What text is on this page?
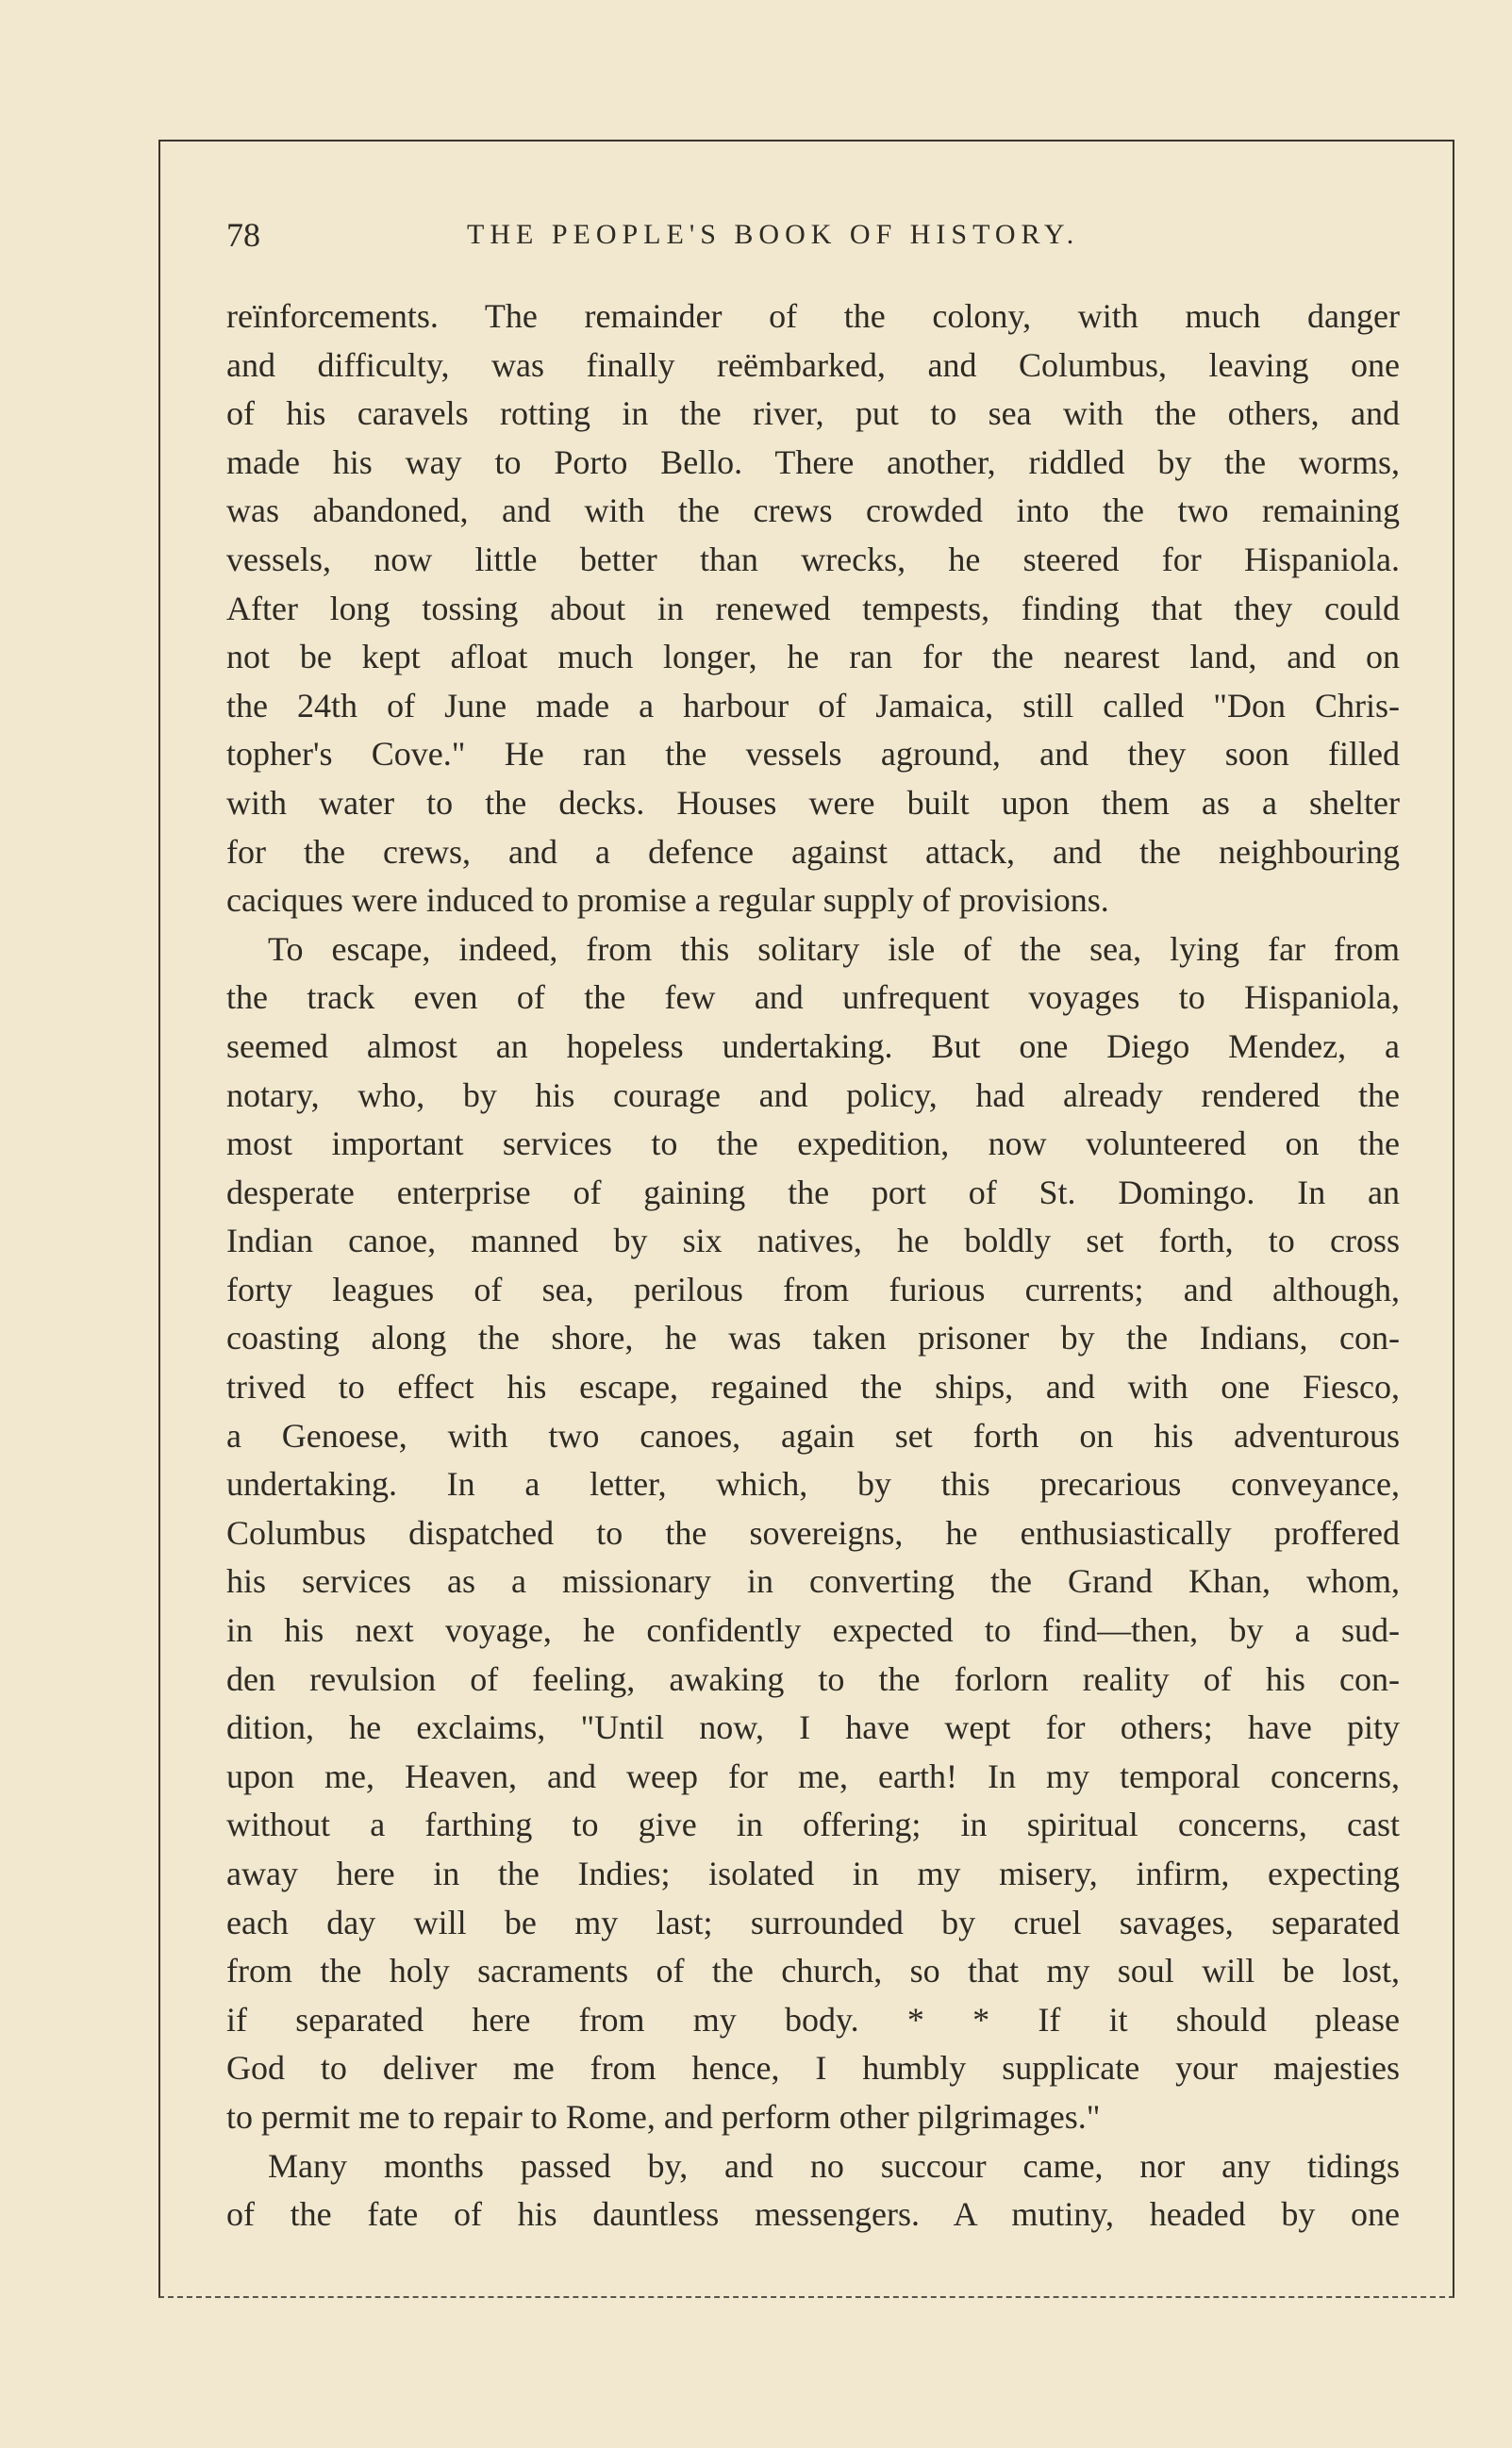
78	THE PEOPLE'S BOOK OF HISTORY.
reïnforcements. The remainder of the colony, with much danger
and difficulty, was finally reëmbarked, and Columbus, leaving one
of his caravels rotting in the river, put to sea with the others, and
made his way to Porto Bello. There another, riddled by the worms,
was abandoned, and with the crews crowded into the two remaining
vessels, now little better than wrecks, he steered for Hispaniola.
After long tossing about in renewed tempests, finding that they could
not be kept afloat much longer, he ran for the nearest land, and on
the 24th of June made a harbour of Jamaica, still called "Don Chris-
topher's Cove." He ran the vessels aground, and they soon filled
with water to the decks. Houses were built upon them as a shelter
for the crews, and a defence against attack, and the neighbouring
caciques were induced to promise a regular supply of provisions.
To escape, indeed, from this solitary isle of the sea, lying far from
the track even of the few and unfrequent voyages to Hispaniola,
seemed almost an hopeless undertaking. But one Diego Mendez, a
notary, who, by his courage and policy, had already rendered the
most important services to the expedition, now volunteered on the
desperate enterprise of gaining the port of St. Domingo. In an
Indian canoe, manned by six natives, he boldly set forth, to cross
forty leagues of sea, perilous from furious currents; and although,
coasting along the shore, he was taken prisoner by the Indians, con-
trived to effect his escape, regained the ships, and with one Fiesco,
a Genoese, with two canoes, again set forth on his adventurous
undertaking. In a letter, which, by this precarious conveyance,
Columbus dispatched to the sovereigns, he enthusiastically proffered
his services as a missionary in converting the Grand Khan, whom,
in his next voyage, he confidently expected to find—then, by a sud-
den revulsion of feeling, awaking to the forlorn reality of his con-
dition, he exclaims, "Until now, I have wept for others; have pity
upon me, Heaven, and weep for me, earth! In my temporal concerns,
without a farthing to give in offering; in spiritual concerns, cast
away here in the Indies; isolated in my misery, infirm, expecting
each day will be my last; surrounded by cruel savages, separated
from the holy sacraments of the church, so that my soul will be lost,
if separated here from my body. * * If it should please
God to deliver me from hence, I humbly supplicate your majesties
to permit me to repair to Rome, and perform other pilgrimages."
Many months passed by, and no succour came, nor any tidings
of the fate of his dauntless messengers. A mutiny, headed by one
